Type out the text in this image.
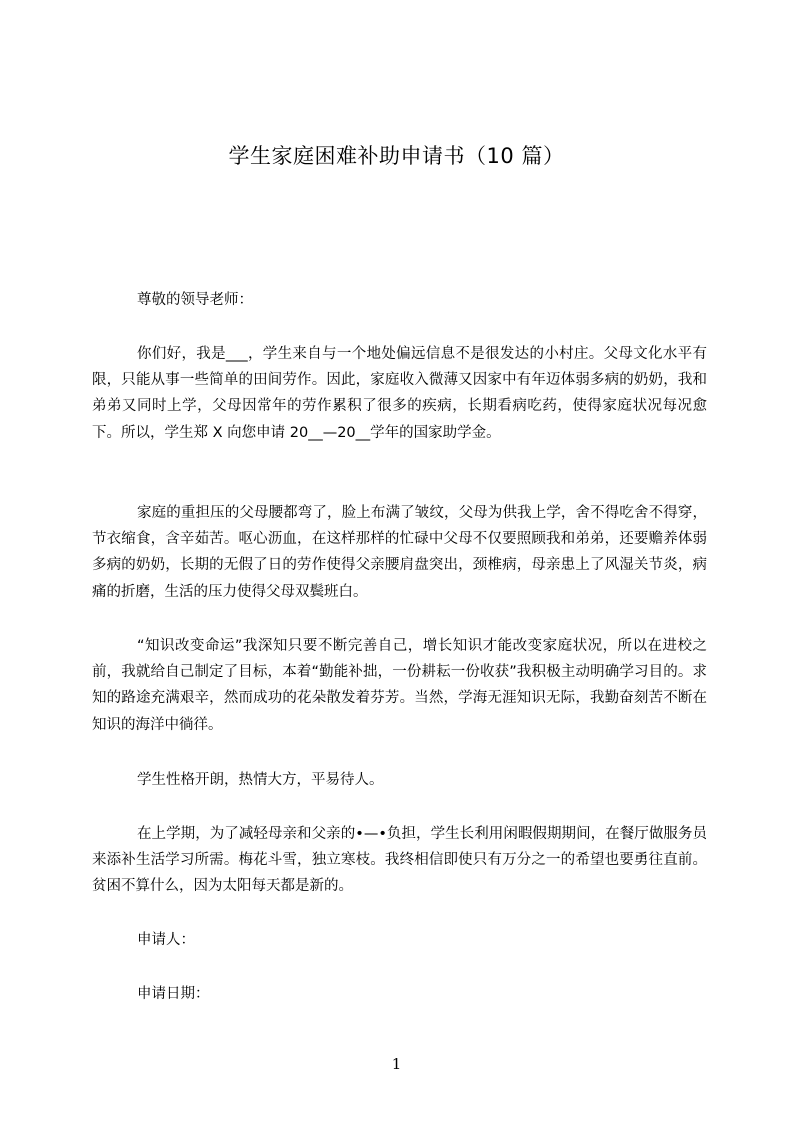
学生家庭困难补助申请书（10 篇）
尊敬的领导老师：
你们好，我是___，学生来自与一个地处偏远信息不是很发达的小村庄。父母文化水平有限，只能从事一些简单的田间劳作。因此，家庭收入微薄又因家中有年迈体弱多病的奶奶，我和弟弟又同时上学，父母因常年的劳作累积了很多的疾病，长期看病吃药，使得家庭状况每况愈下。所以，学生郑 X 向您申请 20__—20__学年的国家助学金。
家庭的重担压的父母腰都弯了，脸上布满了皱纹，父母为供我上学，舍不得吃舍不得穿，节衣缩食，含辛茹苦。呕心沥血，在这样那样的忙碌中父母不仅要照顾我和弟弟，还要赡养体弱多病的奶奶，长期的无假了日的劳作使得父亲腰肩盘突出，颈椎病，母亲患上了风湿关节炎，病痛的折磨，生活的压力使得父母双鬓班白。
“知识改变命运”我深知只要不断完善自己，增长知识才能改变家庭状况，所以在进校之前，我就给自己制定了目标，本着“勤能补拙，一份耕耘一份收获”我积极主动明确学习目的。求知的路途充满艰辛，然而成功的花朵散发着芬芳。当然，学海无涯知识无际，我勤奋刻苦不断在知识的海洋中徜徉。
学生性格开朗，热情大方，平易待人。
在上学期，为了减轻母亲和父亲的•—•负担，学生长利用闲暇假期期间，在餐厅做服务员来添补生活学习所需。梅花斗雪，独立寒枝。我终相信即使只有万分之一的希望也要勇往直前。贫困不算什么，因为太阳每天都是新的。
申请人：
申请日期：
1
